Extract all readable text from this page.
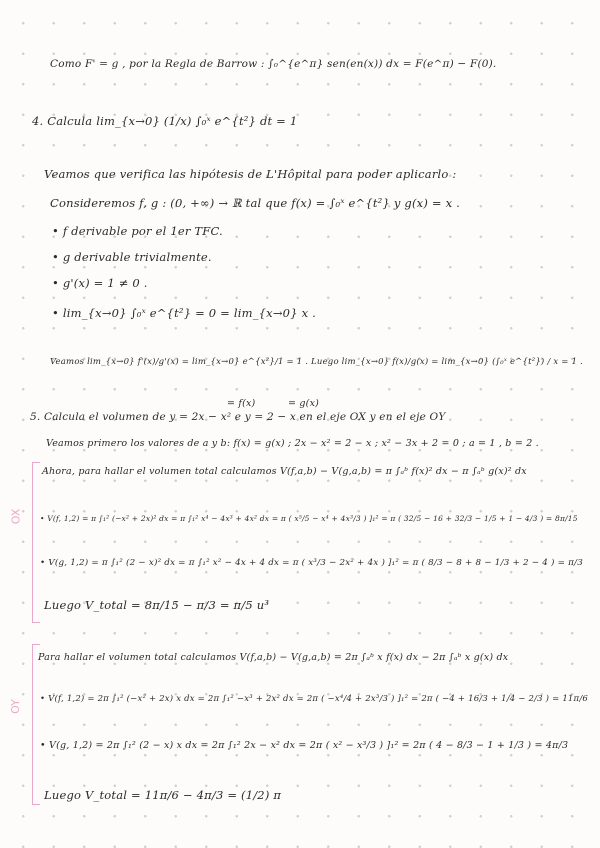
Como F' = g , por la Regla de Barrow : ∫₀^{e^π} sen(en(x)) dx = F(e^π) − F(0).
4. Calcula lim_{x→0} (1/x) ∫₀ˣ e^{t²} dt = 1
Veamos que verifica las hipótesis de L'Hôpital para poder aplicarlo :
Consideremos f, g : (0, +∞) → ℝ tal que f(x) = ∫₀ˣ e^{t²} y g(x) = x .
• f derivable por el 1er TFC.
• g derivable trivialmente.
• g'(x) = 1 ≠ 0 .
• lim_{x→0} ∫₀ˣ e^{t²} = 0 = lim_{x→0} x .
Veamos lim_{x→0} f'(x)/g'(x) = lim_{x→0} e^{x²}/1 = 1 . Luego lim_{x→0} f(x)/g(x) = lim_{x→0} (∫₀ˣ e^{t²}) / x = 1 .
= f(x)	= g(x)
5. Calcula el volumen de y = 2x − x² e y = 2 − x en el eje OX y en el eje OY
Veamos primero los valores de a y b: f(x) = g(x) ; 2x − x² = 2 − x ; x² − 3x + 2 = 0 ; a = 1 , b = 2 .
OX
Ahora, para hallar el volumen total calculamos V(f,a,b) − V(g,a,b) = π ∫ₐᵇ f(x)² dx − π ∫ₐᵇ g(x)² dx
• V(f, 1,2) = π ∫₁² (−x² + 2x)² dx = π ∫₁² x⁴ − 4x³ + 4x² dx = π ( x⁵/5 − x⁴ + 4x³/3 ) ]₁² = π ( 32/5 − 16 + 32/3 − 1/5 + 1 − 4/3 ) = 8π/15
• V(g, 1,2) = π ∫₁² (2 − x)² dx = π ∫₁² x² − 4x + 4 dx = π ( x³/3 − 2x² + 4x ) ]₁² = π ( 8/3 − 8 + 8 − 1/3 + 2 − 4 ) = π/3
Luego V_total = 8π/15 − π/3 = π/5 u³
OY
Para hallar el volumen total calculamos V(f,a,b) − V(g,a,b) = 2π ∫ₐᵇ x f(x) dx − 2π ∫ₐᵇ x g(x) dx
• V(f, 1,2) = 2π ∫₁² (−x² + 2x) x dx = 2π ∫₁² −x³ + 2x² dx = 2π ( −x⁴/4 + 2x³/3 ) ]₁² = 2π ( −4 + 16/3 + 1/4 − 2/3 ) = 11π/6
• V(g, 1,2) = 2π ∫₁² (2 − x) x dx = 2π ∫₁² 2x − x² dx = 2π ( x² − x³/3 ) ]₁² = 2π ( 4 − 8/3 − 1 + 1/3 ) = 4π/3
Luego V_total = 11π/6 − 4π/3 = (1/2) π
